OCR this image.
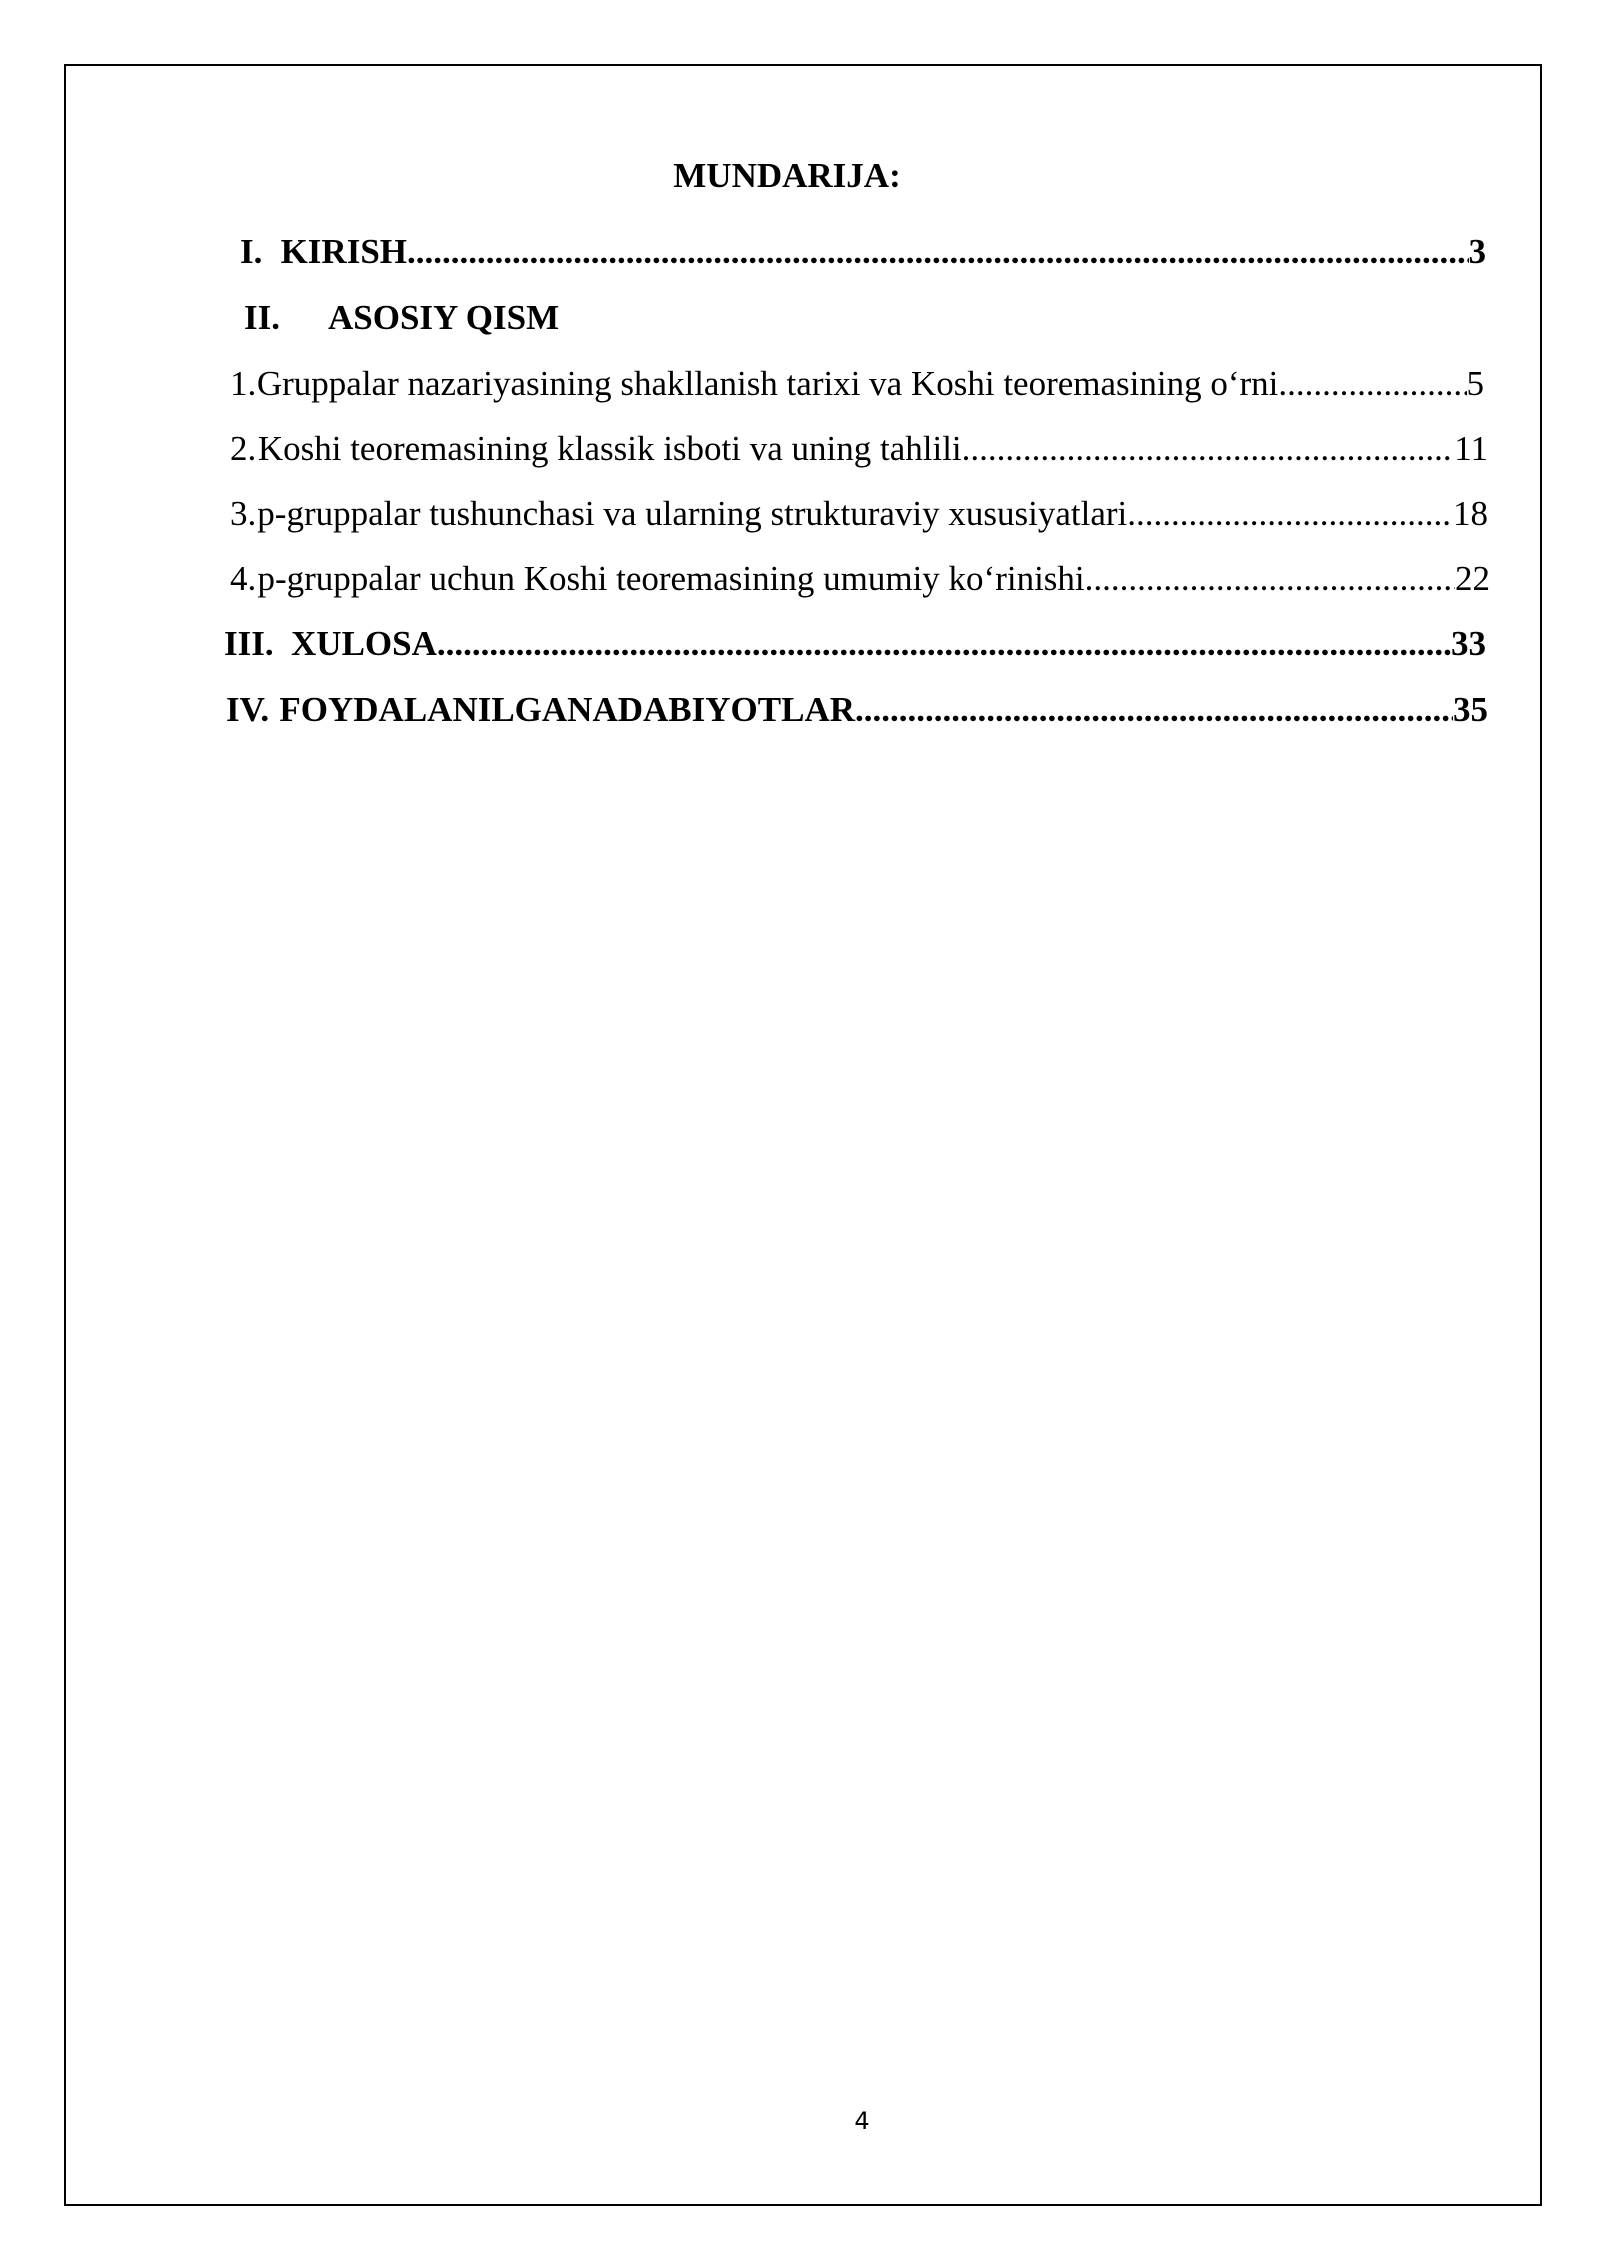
MUNDARIJA:
I. KIRISH .....	3
II. ASOSIY QISM
1. Gruppalar nazariyasining shakllanish tarixi va Koshi teoremasining o‘rni .....	5
2. Koshi teoremasining klassik isboti va uning tahlili .....	11
3. p-gruppalar tushunchasi va ularning strukturaviy xususiyatlari .....	18
4. p-gruppalar uchun Koshi teoremasining umumiy ko‘rinishi .....	22
III. XULOSA .....	33
IV. FOYDALANILGANADABIYOTLAR .....	35
4
